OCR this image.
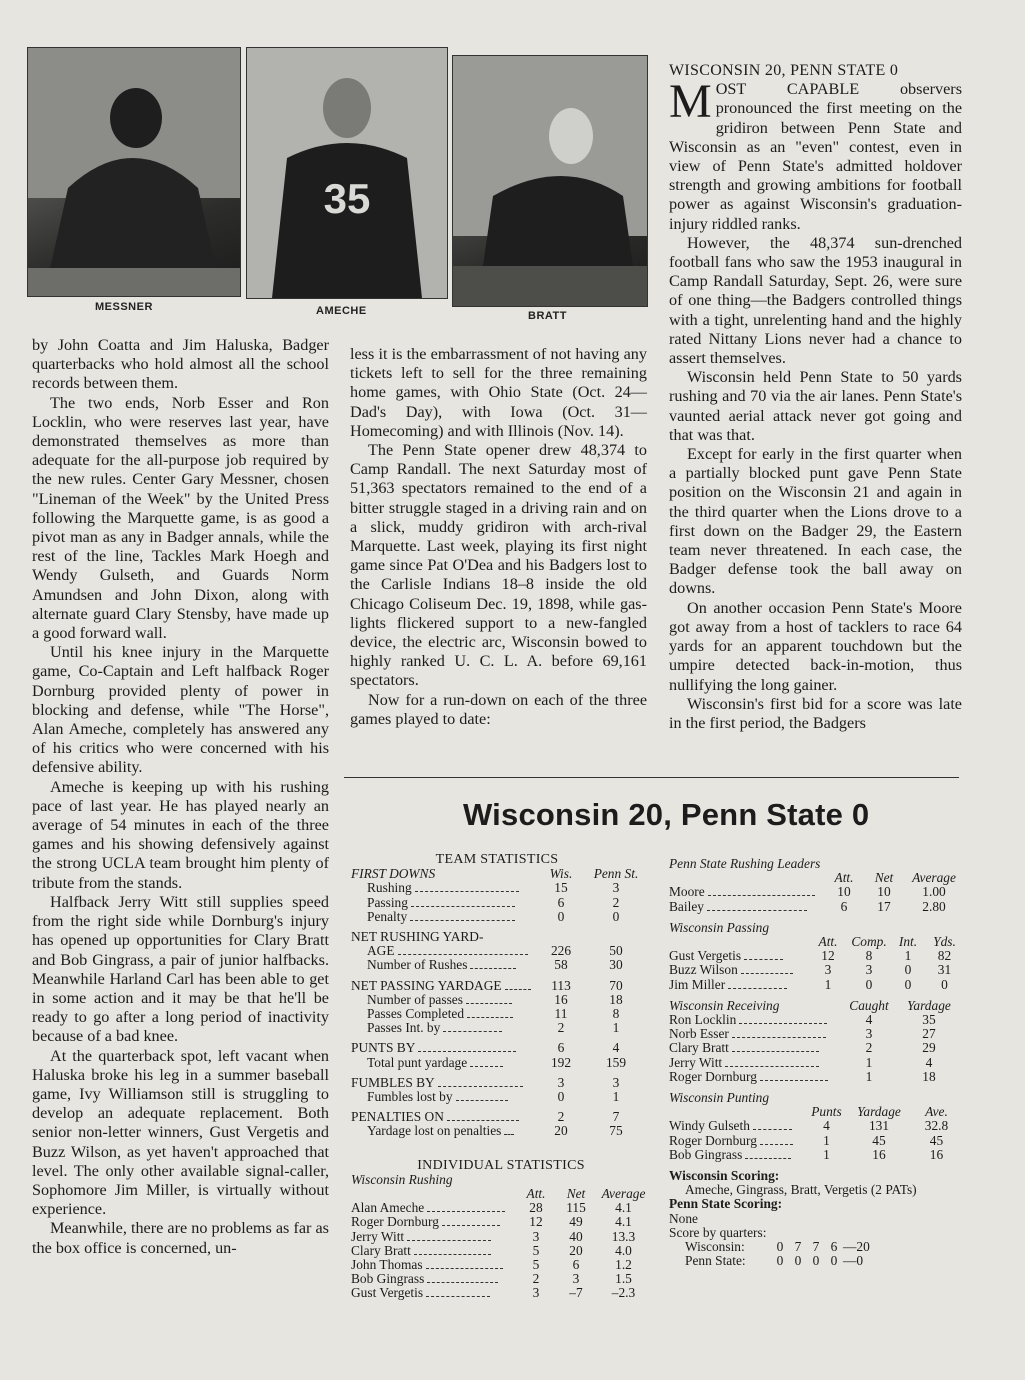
MESSNER
35
AMECHE	BRATT

by John Coatta and Jim Haluska, Badger quarterbacks who hold almost all the school records between them.

The two ends, Norb Esser and Ron Locklin, who were reserves last year, have demonstrated themselves as more than adequate for the all-purpose job required by the new rules. Center Gary Messner, chosen "Lineman of the Week" by the United Press following the Marquette game, is as good a pivot man as any in Badger annals, while the rest of the line, Tackles Mark Hoegh and Wendy Gulseth, and Guards Norm Amundsen and John Dixon, along with alternate guard Clary Stensby, have made up a good forward wall.

Until his knee injury in the Marquette game, Co-Captain and Left halfback Roger Dornburg provided plenty of power in blocking and defense, while "The Horse", Alan Ameche, completely has answered any of his critics who were concerned with his defensive ability.

Ameche is keeping up with his rushing pace of last year. He has played nearly an average of 54 minutes in each of the three games and his showing defensively against the strong UCLA team brought him plenty of tribute from the stands.

Halfback Jerry Witt still supplies speed from the right side while Dornburg's injury has opened up opportunities for Clary Bratt and Bob Gingrass, a pair of junior halfbacks. Meanwhile Harland Carl has been able to get in some action and it may be that he'll be ready to go after a long period of inactivity because of a bad knee.

At the quarterback spot, left vacant when Haluska broke his leg in a summer baseball game, Ivy Williamson still is struggling to develop an adequate replacement. Both senior non-letter winners, Gust Vergetis and Buzz Wilson, as yet haven't approached that level. The only other available signal-caller, Sophomore Jim Miller, is virtually without experience.

Meanwhile, there are no problems as far as the box office is concerned, un-

less it is the embarrassment of not having any tickets left to sell for the three remaining home games, with Ohio State (Oct. 24—Dad's Day), with Iowa (Oct. 31—Homecoming) and with Illinois (Nov. 14).

The Penn State opener drew 48,374 to Camp Randall. The next Saturday most of 51,363 spectators remained to the end of a bitter struggle staged in a driving rain and on a slick, muddy gridiron with arch-rival Marquette. Last week, playing its first night game since Pat O'Dea and his Badgers lost to the Carlisle Indians 18–8 inside the old Chicago Coliseum Dec. 19, 1898, while gas-lights flickered support to a new-fangled device, the electric arc, Wisconsin bowed to highly ranked U. C. L. A. before 69,161 spectators.

Now for a run-down on each of the three games played to date:

WISCONSIN 20, PENN STATE 0

MOST CAPABLE observers pronounced the first meeting on the gridiron between Penn State and Wisconsin as an "even" contest, even in view of Penn State's admitted holdover strength and growing ambitions for football power as against Wisconsin's graduation-injury riddled ranks.

However, the 48,374 sun-drenched football fans who saw the 1953 inaugural in Camp Randall Saturday, Sept. 26, were sure of one thing—the Badgers controlled things with a tight, unrelenting hand and the highly rated Nittany Lions never had a chance to assert themselves.

Wisconsin held Penn State to 50 yards rushing and 70 via the air lanes. Penn State's vaunted aerial attack never got going and that was that.

Except for early in the first quarter when a partially blocked punt gave Penn State position on the Wisconsin 21 and again in the third quarter when the Lions drove to a first down on the Badger 29, the Eastern team never threatened. In each case, the Badger defense took the ball away on downs.

On another occasion Penn State's Moore got away from a host of tacklers to race 64 yards for an apparent touchdown but the umpire detected back-in-motion, thus nullifying the long gainer.

Wisconsin's first bid for a score was late in the first period, the Badgers

Wisconsin 20, Penn State 0
TEAM STATISTICS
FIRST DOWNS	Wis.	Penn St.
Rushing	15	3
Passing	6	2
Penalty	0	0

NET RUSHING YARD-		
AGE	226	50
Number of Rushes	58	30

NET PASSING YARDAGE	113	70
Number of passes	16	18
Passes Completed	11	8
Passes Int. by	2	1

PUNTS BY	6	4
Total punt yardage	192	159

FUMBLES BY	3	3
Fumbles lost by	0	1

PENALTIES ON	2	7
Yardage lost on penalties	20	75
INDIVIDUAL STATISTICS
Wisconsin Rushing
	Att.	Net	Average
Alan Ameche	28	115	4.1
Roger Dornburg	12	49	4.1
Jerry Witt	3	40	13.3
Clary Bratt	5	20	4.0
John Thomas	5	6	1.2
Bob Gingrass	2	3	1.5
Gust Vergetis	3	–7	–2.3
Penn State Rushing Leaders
	Att.	Net	Average
Moore	10	10	1.00
Bailey	6	17	2.80
Wisconsin Passing
	Att.	Comp.	Int.	Yds.
Gust Vergetis	12	8	1	82
Buzz Wilson	3	3	0	31
Jim Miller	1	0	0	0
Wisconsin Receiving	Caught	Yardage
Ron Locklin	4	35
Norb Esser	3	27
Clary Bratt	2	29
Jerry Witt	1	4
Roger Dornburg	1	18
Wisconsin Punting
	Punts	Yardage	Ave.
Windy Gulseth	4	131	32.8
Roger Dornburg	1	45	45
Bob Gingrass	1	16	16
Wisconsin Scoring:
Ameche, Gingrass, Bratt, Vergetis (2 PATs)
Penn State Scoring:
None
Score by quarters:
Wisconsin:	0	7	7	6	—20
Penn State:	0	0	0	0	—0
